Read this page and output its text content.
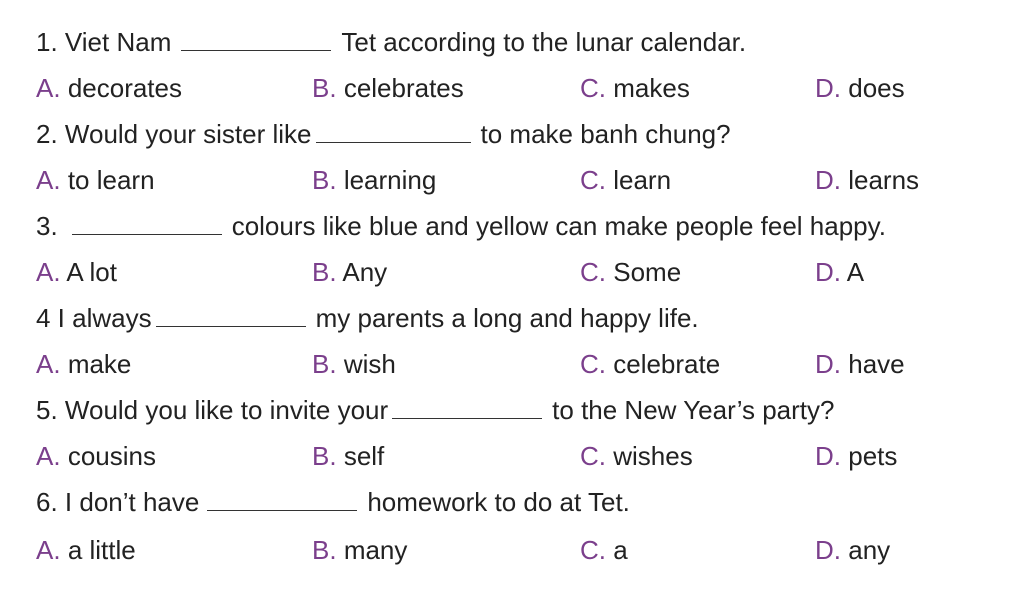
1. Viet Nam	Tet according to the lunar calendar.
A. decorates	B. celebrates	C. makes	D. does
2. Would your sister like	to make banh chung?
A. to learn	B. learning	C. learn	D. learns
3.	colours like blue and yellow can make people feel happy.
A. A lot	B. Any	C. Some	D. A
4 I always	my parents a long and happy life.
A. make	B. wish	C. celebrate	D. have
5. Would you like to invite your	to the New Year’s party?
A. cousins	B. self	C. wishes	D. pets
6. I don’t have	homework to do at Tet.
A. a little	B. many	C. a	D. any
